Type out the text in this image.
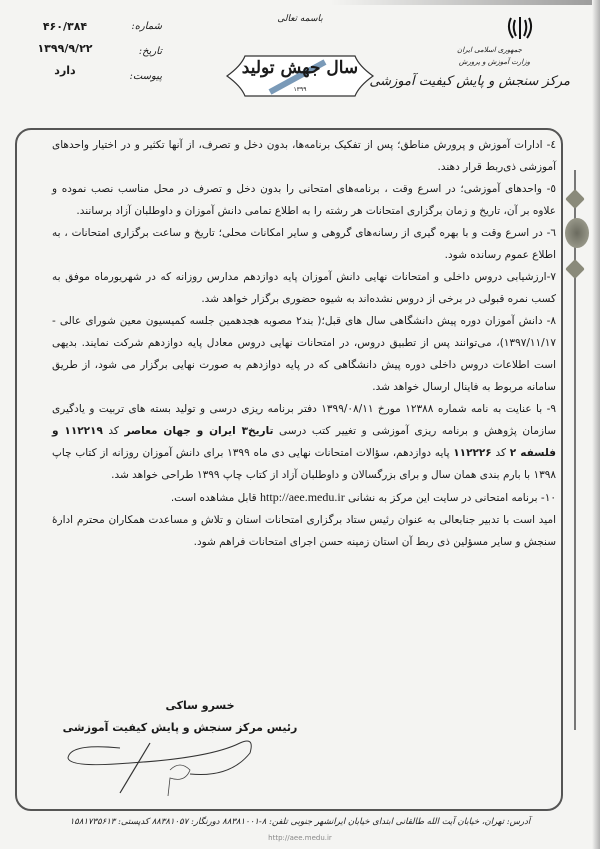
جمهوری اسلامی ایران
وزارت آموزش و پرورش
مرکز سنجش و پایش کیفیت آموزشی
باسمه تعالی
سال جهش تولید
۱۳۹۹
شماره:
تاریخ:
پیوست:
۴۶۰/۳۸۴
۱۳۹۹/۹/۲۲
دارد

٤- ادارات آموزش و پرورش مناطق؛ پس از تفکیک برنامه‌ها، بدون دخل و تصرف، از آنها تکثیر و در اختیار واحدهای آموزشی ذی‌ربط قرار دهند.

٥- واحدهای آموزشی؛ در اسرع وقت ، برنامه‌های امتحانی را بدون دخل و تصرف در محل مناسب نصب نموده و علاوه بر آن، تاریخ و زمان برگزاری امتحانات هر رشته را به اطلاع تمامی دانش آموزان و داوطلبان آزاد برسانند.

٦- در اسرع وقت و با بهره گیری از رسانه‌های گروهی و سایر امکانات محلی؛ تاریخ و ساعت برگزاری امتحانات ، به اطلاع عموم رسانده شود.

۷-ارزشیابی دروس داخلی و امتحانات نهایی دانش آموزان پایه دوازدهم مدارس روزانه که در شهریورماه موفق به کسب نمره قبولی در برخی از دروس نشده‌اند به شیوه حضوری برگزار خواهد شد.

۸- دانش آموزان دوره پیش دانشگاهی سال های قبل؛( بند۲ مصوبه هجدهمین جلسه کمیسیون معین شورای عالی - ۱۳۹۷/۱۱/۱۷)، می‌توانند پس از تطبیق دروس، در امتحانات نهایی دروس معادل پایه دوازدهم شرکت نمایند. بدیهی است اطلاعات دروس داخلی دوره پیش دانشگاهی که در پایه دوازدهم به صورت نهایی برگزار می شود، از طریق سامانه مربوط به فاینال ارسال خواهد شد.

۹- با عنایت به نامه شماره ۱۲۳۸۸ مورخ ۱۳۹۹/۰۸/۱۱ دفتر برنامه ریزی درسی و تولید بسته های تربیت و یادگیری سازمان پژوهش و برنامه ریزی آموزشی و تغییر کتب درسی تاریخ۳ ایران و جهان معاصر کد ۱۱۲۲۱۹ و فلسفه ۲ کد ۱۱۲۲۲۶ پایه دوازدهم، سؤالات امتحانات نهایی دی ماه ۱۳۹۹ برای دانش آموزان روزانه از کتاب چاپ ۱۳۹۸ با بارم بندی همان سال و برای بزرگسالان و داوطلبان آزاد از کتاب چاپ ۱۳۹۹ طراحی خواهد شد.

۱۰- برنامه امتحانی در سایت این مرکز به نشانی http://aee.medu.ir قابل مشاهده است.

امید است با تدبیر جنابعالی به عنوان رئیس ستاد برگزاری امتحانات استان و تلاش و مساعدت همکاران محترم ادارهٔ سنجش و سایر مسؤلین ذی ربط آن استان زمینه حسن اجرای امتحانات فراهم شود.

خسرو ساکی
رئیس مرکز سنجش و پایش کیفیت آموزشی
آدرس: تهران، خیابان آیت الله طالقانی ابتدای خیابان ایرانشهر جنوبی تلفن: ۸-۸۸۳۸۱۰۰۱ دورنگار: ۸۸۳۸۱۰۵۷ کدپستی: ۱۵۸۱۷۳۵۶۱۳
http://aee.medu.ir
